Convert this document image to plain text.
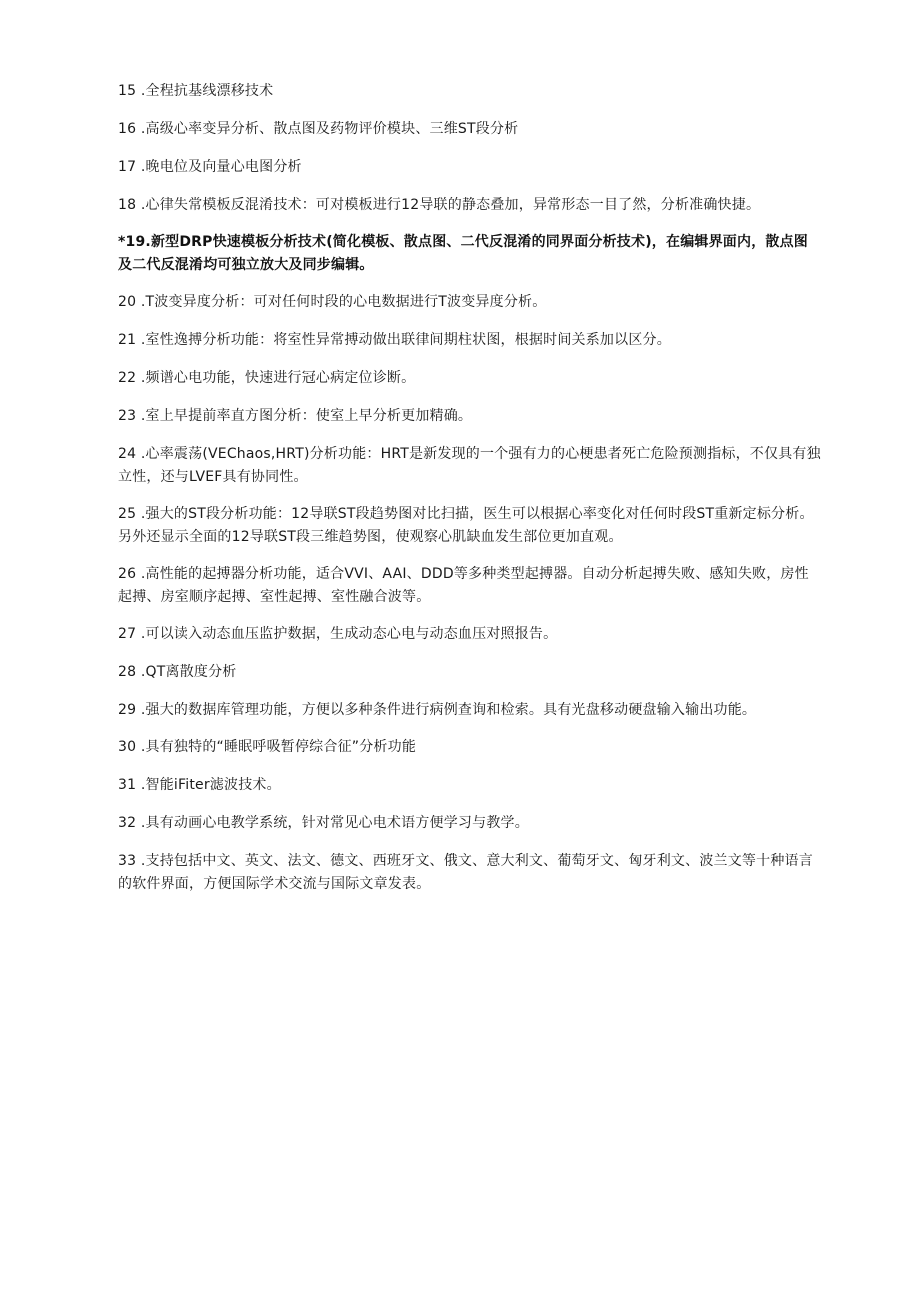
15 .全程抗基线漂移技术

16 .高级心率变异分析、散点图及药物评价模块、三维ST段分析

17 .晚电位及向量心电图分析

18 .心律失常模板反混淆技术：可对模板进行12导联的静态叠加，异常形态一目了然，分析准确快捷。

*19.新型DRP快速模板分析技术(简化模板、散点图、二代反混淆的同界面分析技术)，在编辑界面内，散点图及二代反混淆均可独立放大及同步编辑。

20 .T波变异度分析：可对任何时段的心电数据进行T波变异度分析。

21 .室性逸搏分析功能：将室性异常搏动做出联律间期柱状图，根据时间关系加以区分。

22 .频谱心电功能，快速进行冠心病定位诊断。

23 .室上早提前率直方图分析：使室上早分析更加精确。

24 .心率震荡(VEChaos,HRT)分析功能：HRT是新发现的一个强有力的心梗患者死亡危险预测指标，不仅具有独立性，还与LVEF具有协同性。

25 .强大的ST段分析功能：12导联ST段趋势图对比扫描，医生可以根据心率变化对任何时段ST重新定标分析。另外还显示全面的12导联ST段三维趋势图，使观察心肌缺血发生部位更加直观。

26 .高性能的起搏器分析功能，适合VVI、AAI、DDD等多种类型起搏器。自动分析起搏失败、感知失败，房性起搏、房室顺序起搏、室性起搏、室性融合波等。

27 .可以读入动态血压监护数据，生成动态心电与动态血压对照报告。

28 .QT离散度分析

29 .强大的数据库管理功能，方便以多种条件进行病例查询和检索。具有光盘移动硬盘输入输出功能。

30 .具有独特的“睡眠呼吸暂停综合征”分析功能

31 .智能iFiter滤波技术。

32 .具有动画心电教学系统，针对常见心电术语方便学习与教学。

33 .支持包括中文、英文、法文、德文、西班牙文、俄文、意大利文、葡萄牙文、匈牙利文、波兰文等十种语言的软件界面，方便国际学术交流与国际文章发表。
